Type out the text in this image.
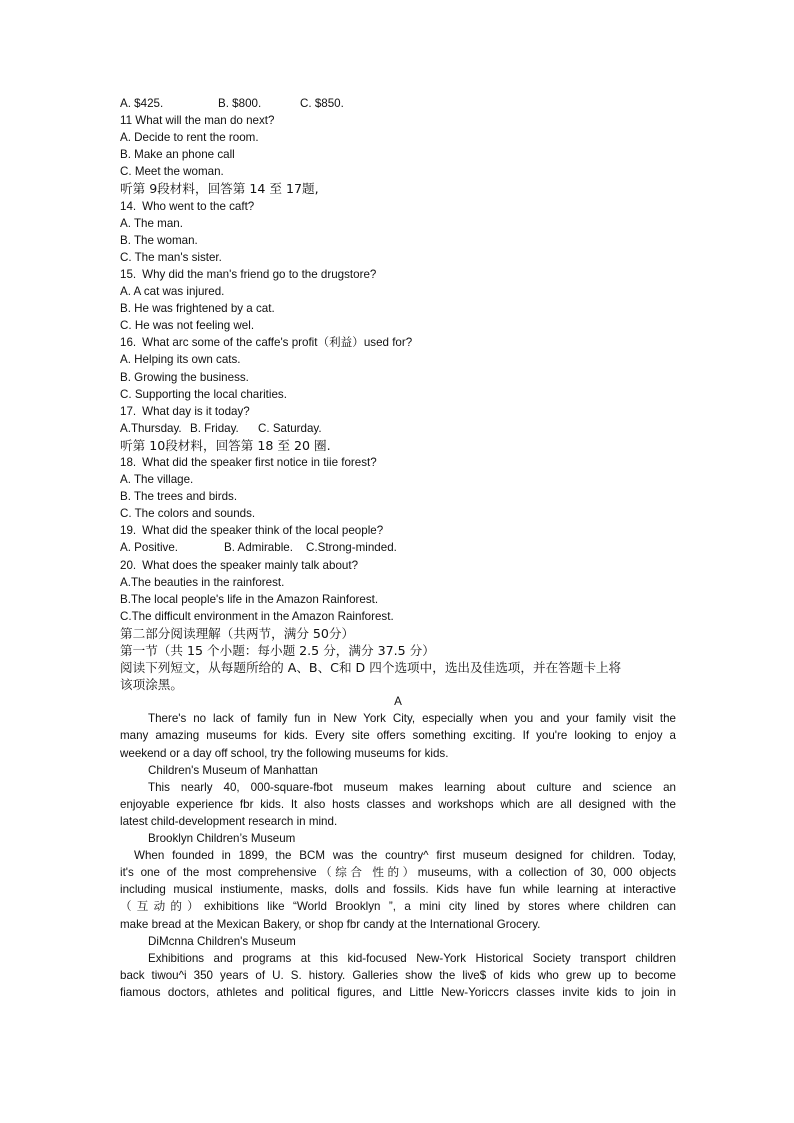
A. $425.	B. $800.	C. $850.
11 What will the man do next?
A. Decide to rent the room.
B. Make an phone call
C. Meet the woman.
听第 9段材料，回答第 14 至 17题,
14. Who went to the caft?
A. The man.
B. The woman.
C. The man's sister.
15. Why did the man's friend go to the drugstore?
A. A cat was injured.
B. He was frightened by a cat.
C. He was not feeling wel.
16. What arc some of the caffe's profit（利益）used for?
A. Helping its own cats.
B. Growing the business.
C. Supporting the local charities.
17. What day is it today?
A.Thursday. B. Friday. C. Saturday.
听第 10段材料，回答第 18 至 20 圈.
18. What did the speaker first notice in tiie forest?
A. The village.
B. The trees and birds.
C. The colors and sounds.
19. What did the speaker think of the local people?
A. Positive.	B. Admirable. C.Strong-minded.
20. What does the speaker mainly talk about?
A.The beauties in the rainforest.
B.The local people's life in the Amazon Rainforest.
C.The difficult environment in the Amazon Rainforest.
第二部分阅读理解（共两节，满分 50分）
第一节（共 15 个小题：每小题 2.5 分，满分 37.5 分）
阅读下列短文，从每题所给的 A、B、C和 D 四个选项中，选出及佳选项，并在答题卡上将
该项涂黑。
A
There's no lack of family fun in New York City, especially when you and your family visit the
many amazing museums for kids. Every site offers something exciting. If you're looking to enjoy a
weekend or a day off school, try the following museums for kids.
Children's Museum of Manhattan
This nearly 40, 000-square-fbot museum makes learning about culture and science an
enjoyable experience fbr kids. It also hosts classes and workshops which are all designed with the
latest child-development research in mind.
Brooklyn Children’s Museum
When founded in 1899, the BCM was the country^ first museum designed for children. Today,
it's one of the most comprehensive（综合 性的）museums, with a collection of 30, 000 objects
including musical instiumente, masks, dolls and fossils. Kids have fun while learning at interactive
（互动的）exhibitions like “World Brooklyn ”, a mini city lined by stores where children can
make bread at the Mexican Bakery, or shop fbr candy at the International Grocery.
DiMcnna Children's Museum
Exhibitions and programs at this kid-focused New-York Historical Society transport children
back tiwou^i 350 years of U. S. history. Galleries show the live$ of kids who grew up to become
fiamous doctors, athletes and political figures, and Little New-Yoriccrs classes invite kids to join in
